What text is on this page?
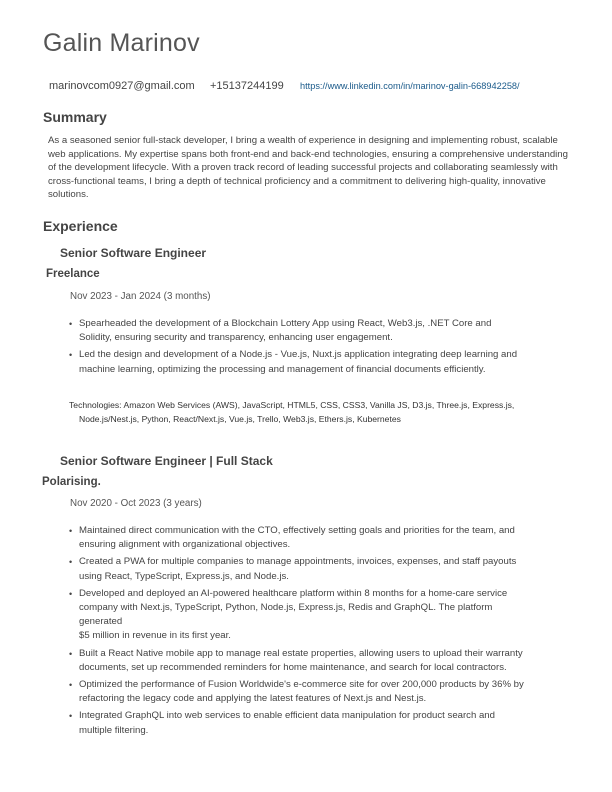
Galin Marinov
marinovcom0927@gmail.com +15137244199 https://www.linkedin.com/in/marinov-galin-668942258/
Summary
As a seasoned senior full-stack developer, I bring a wealth of experience in designing and implementing robust, scalable web applications. My expertise spans both front-end and back-end technologies, ensuring a comprehensive understanding of the development lifecycle. With a proven track record of leading successful projects and collaborating seamlessly with cross-functional teams, I bring a depth of technical proficiency and a commitment to delivering high-quality, innovative solutions.
Experience
Senior Software Engineer
Freelance
Nov 2023 - Jan 2024 (3 months)
• Spearheaded the development of a Blockchain Lottery App using React, Web3.js, .NET Core and Solidity, ensuring security and transparency, enhancing user engagement.
• Led the design and development of a Node.js - Vue.js, Nuxt.js application integrating deep learning and machine learning, optimizing the processing and management of financial documents efficiently.
Technologies: Amazon Web Services (AWS), JavaScript, HTML5, CSS, CSS3, Vanilla JS, D3.js, Three.js, Express.js, Node.js/Nest.js, Python, React/Next.js, Vue.js, Trello, Web3.js, Ethers.js, Kubernetes
Senior Software Engineer | Full Stack
Polarising.
Nov 2020 - Oct 2023 (3 years)
• Maintained direct communication with the CTO, effectively setting goals and priorities for the team, and ensuring alignment with organizational objectives.
• Created a PWA for multiple companies to manage appointments, invoices, expenses, and staff payouts using React, TypeScript, Express.js, and Node.js.
• Developed and deployed an AI-powered healthcare platform within 8 months for a home-care service company with Next.js, TypeScript, Python, Node.js, Express.js, Redis and GraphQL. The platform generated
$5 million in revenue in its first year.
• Built a React Native mobile app to manage real estate properties, allowing users to upload their warranty documents, set up recommended reminders for home maintenance, and search for local contractors.
• Optimized the performance of Fusion Worldwide's e-commerce site for over 200,000 products by 36% by refactoring the legacy code and applying the latest features of Next.js and Nest.js.
• Integrated GraphQL into web services to enable efficient data manipulation for product search and multiple filtering.
